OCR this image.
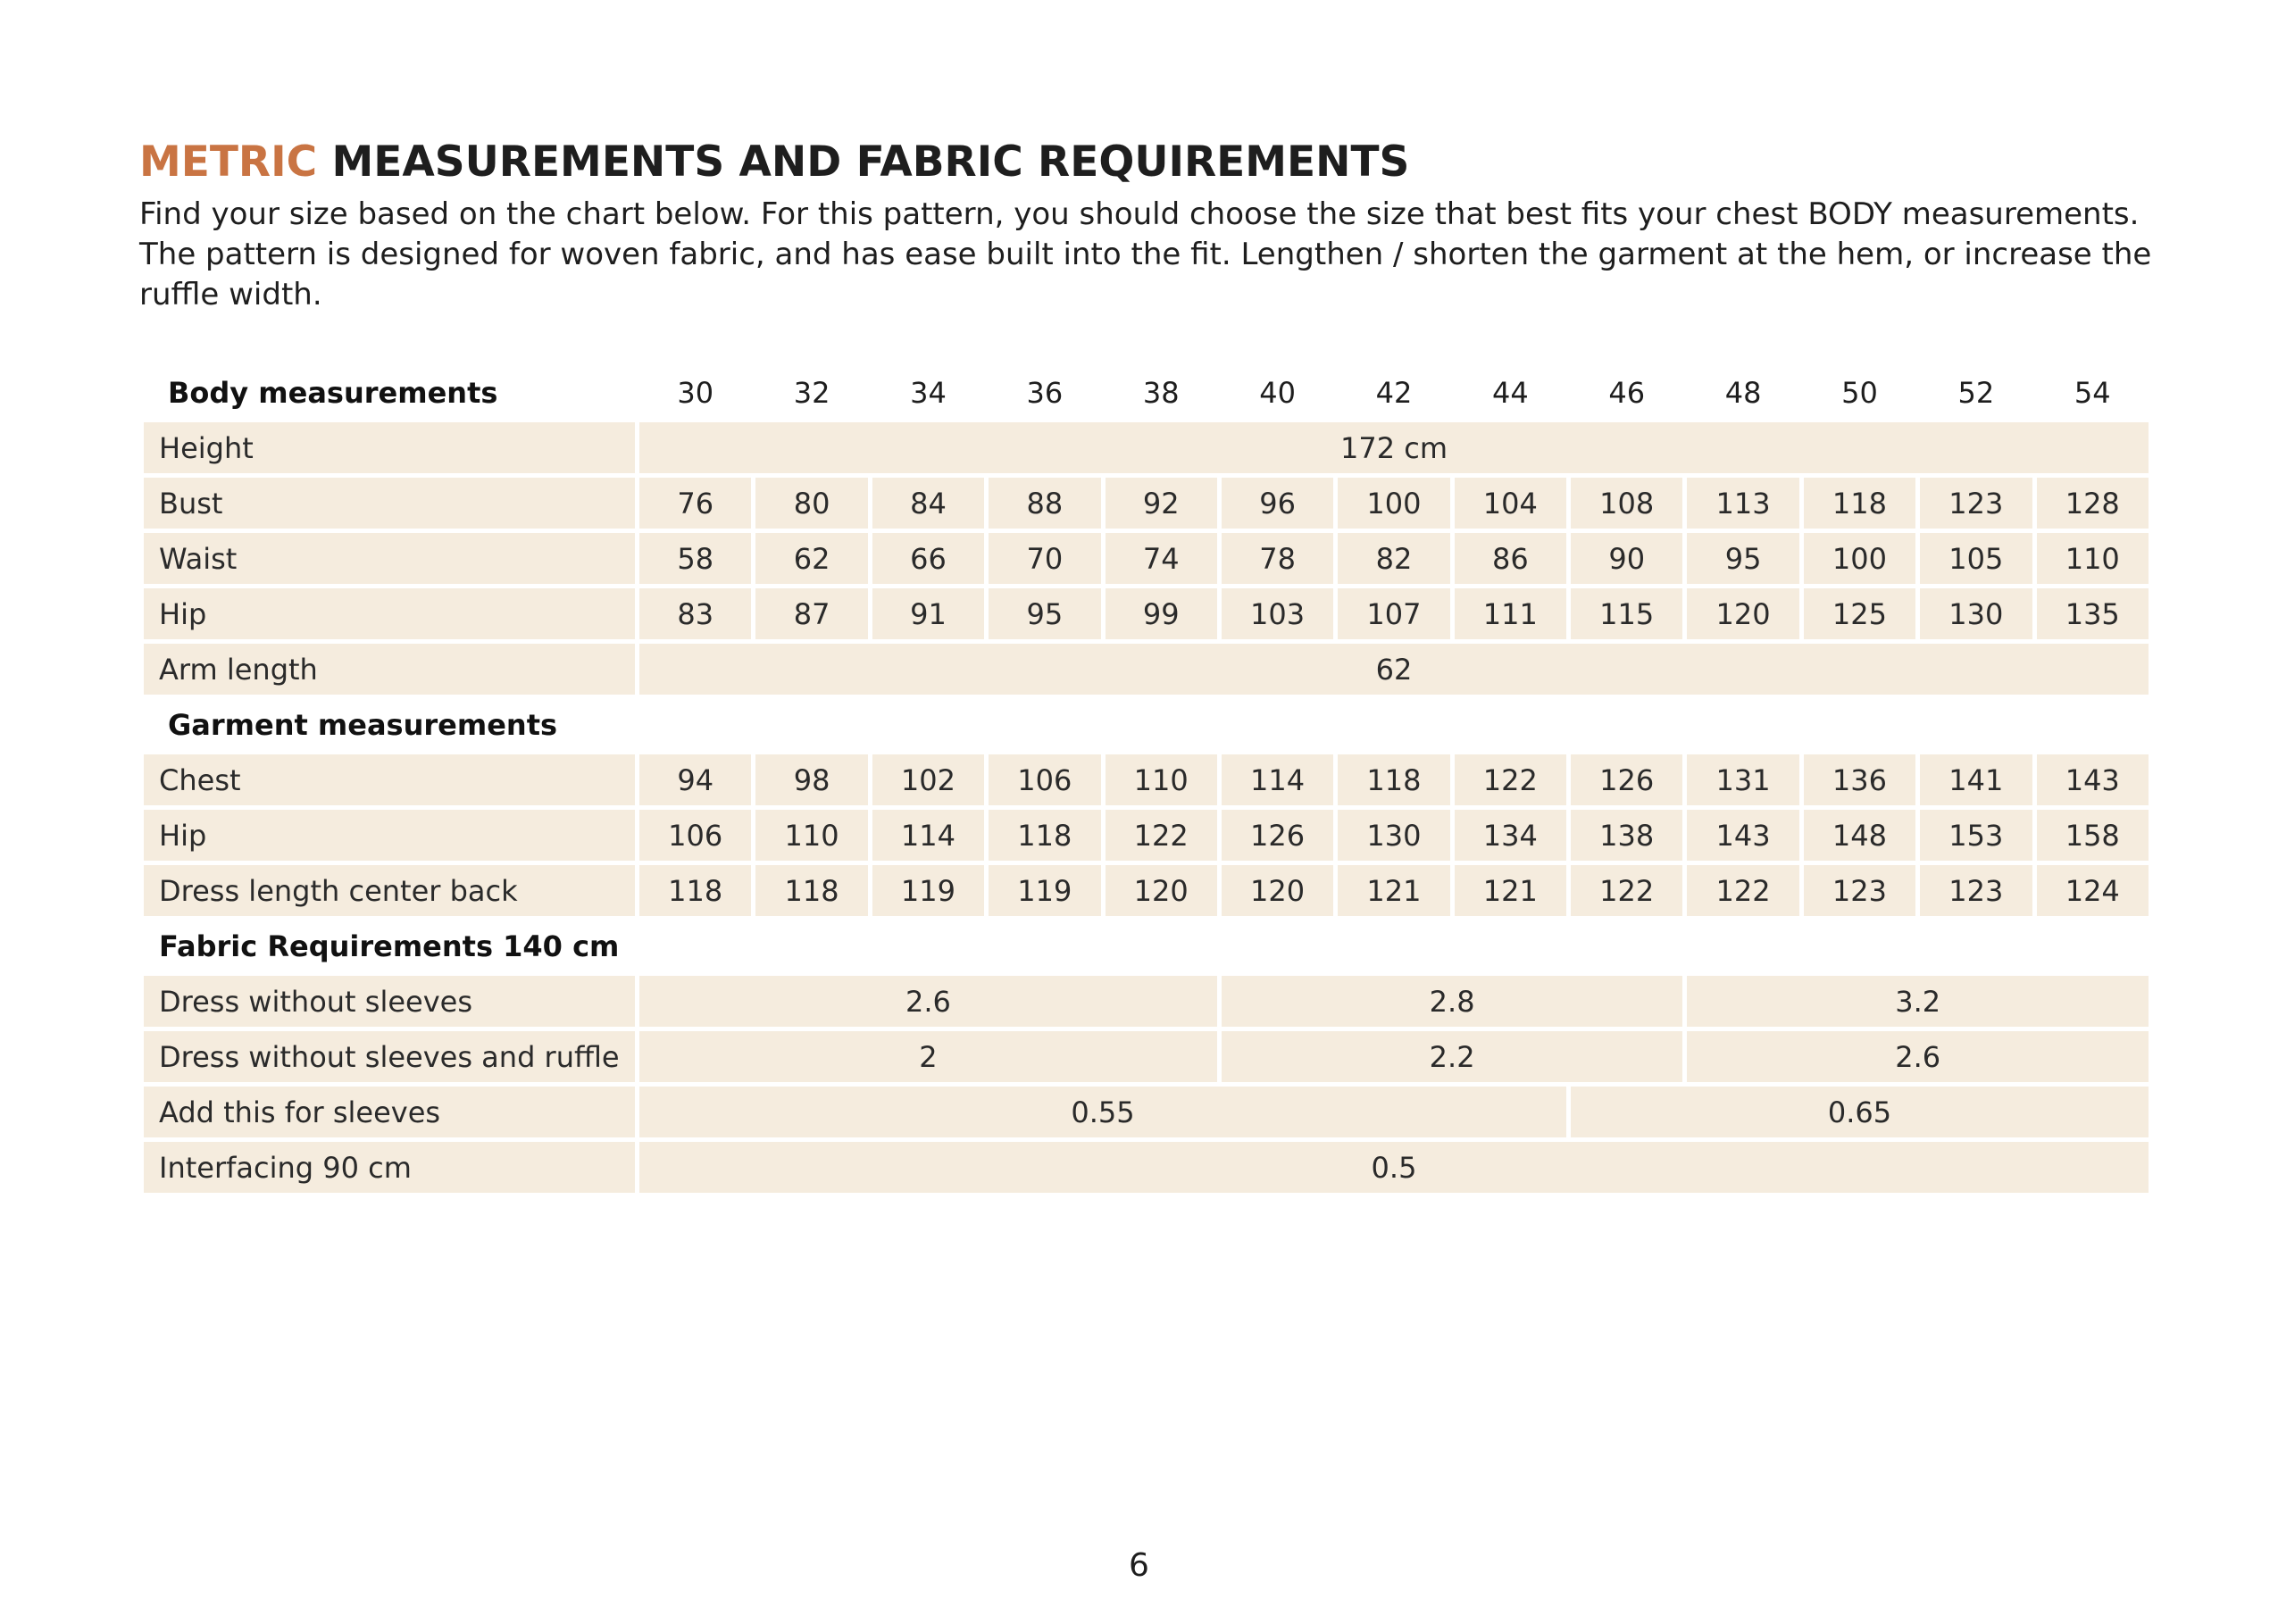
METRIC MEASUREMENTS AND FABRIC REQUIREMENTS
Find your size based on the chart below. For this pattern, you should choose the size that best fits your chest BODY measurements.
The pattern is designed for woven fabric, and has ease built into the fit. Lengthen / shorten the garment at the hem, or increase the
ruffle width.
Body measurements	30	32	34	36	38	40	42	44	46	48	50	52	54
Height	172 cm												
Bust	76	80	84	88	92	96	100	104	108	113	118	123	128
Waist	58	62	66	70	74	78	82	86	90	95	100	105	110
Hip	83	87	91	95	99	103	107	111	115	120	125	130	135
Arm length	62												
Garment measurements													
Chest	94	98	102	106	110	114	118	122	126	131	136	141	143
Hip	106	110	114	118	122	126	130	134	138	143	148	153	158
Dress length center back	118	118	119	119	120	120	121	121	122	122	123	123	124
Fabric Requirements 140 cm													
Dress without sleeves	2.6					2.8				3.2			
Dress without sleeves and ruffle	2					2.2				2.6			
Add this for sleeves	0.55								0.65				
Interfacing 90 cm	0.5												
6
